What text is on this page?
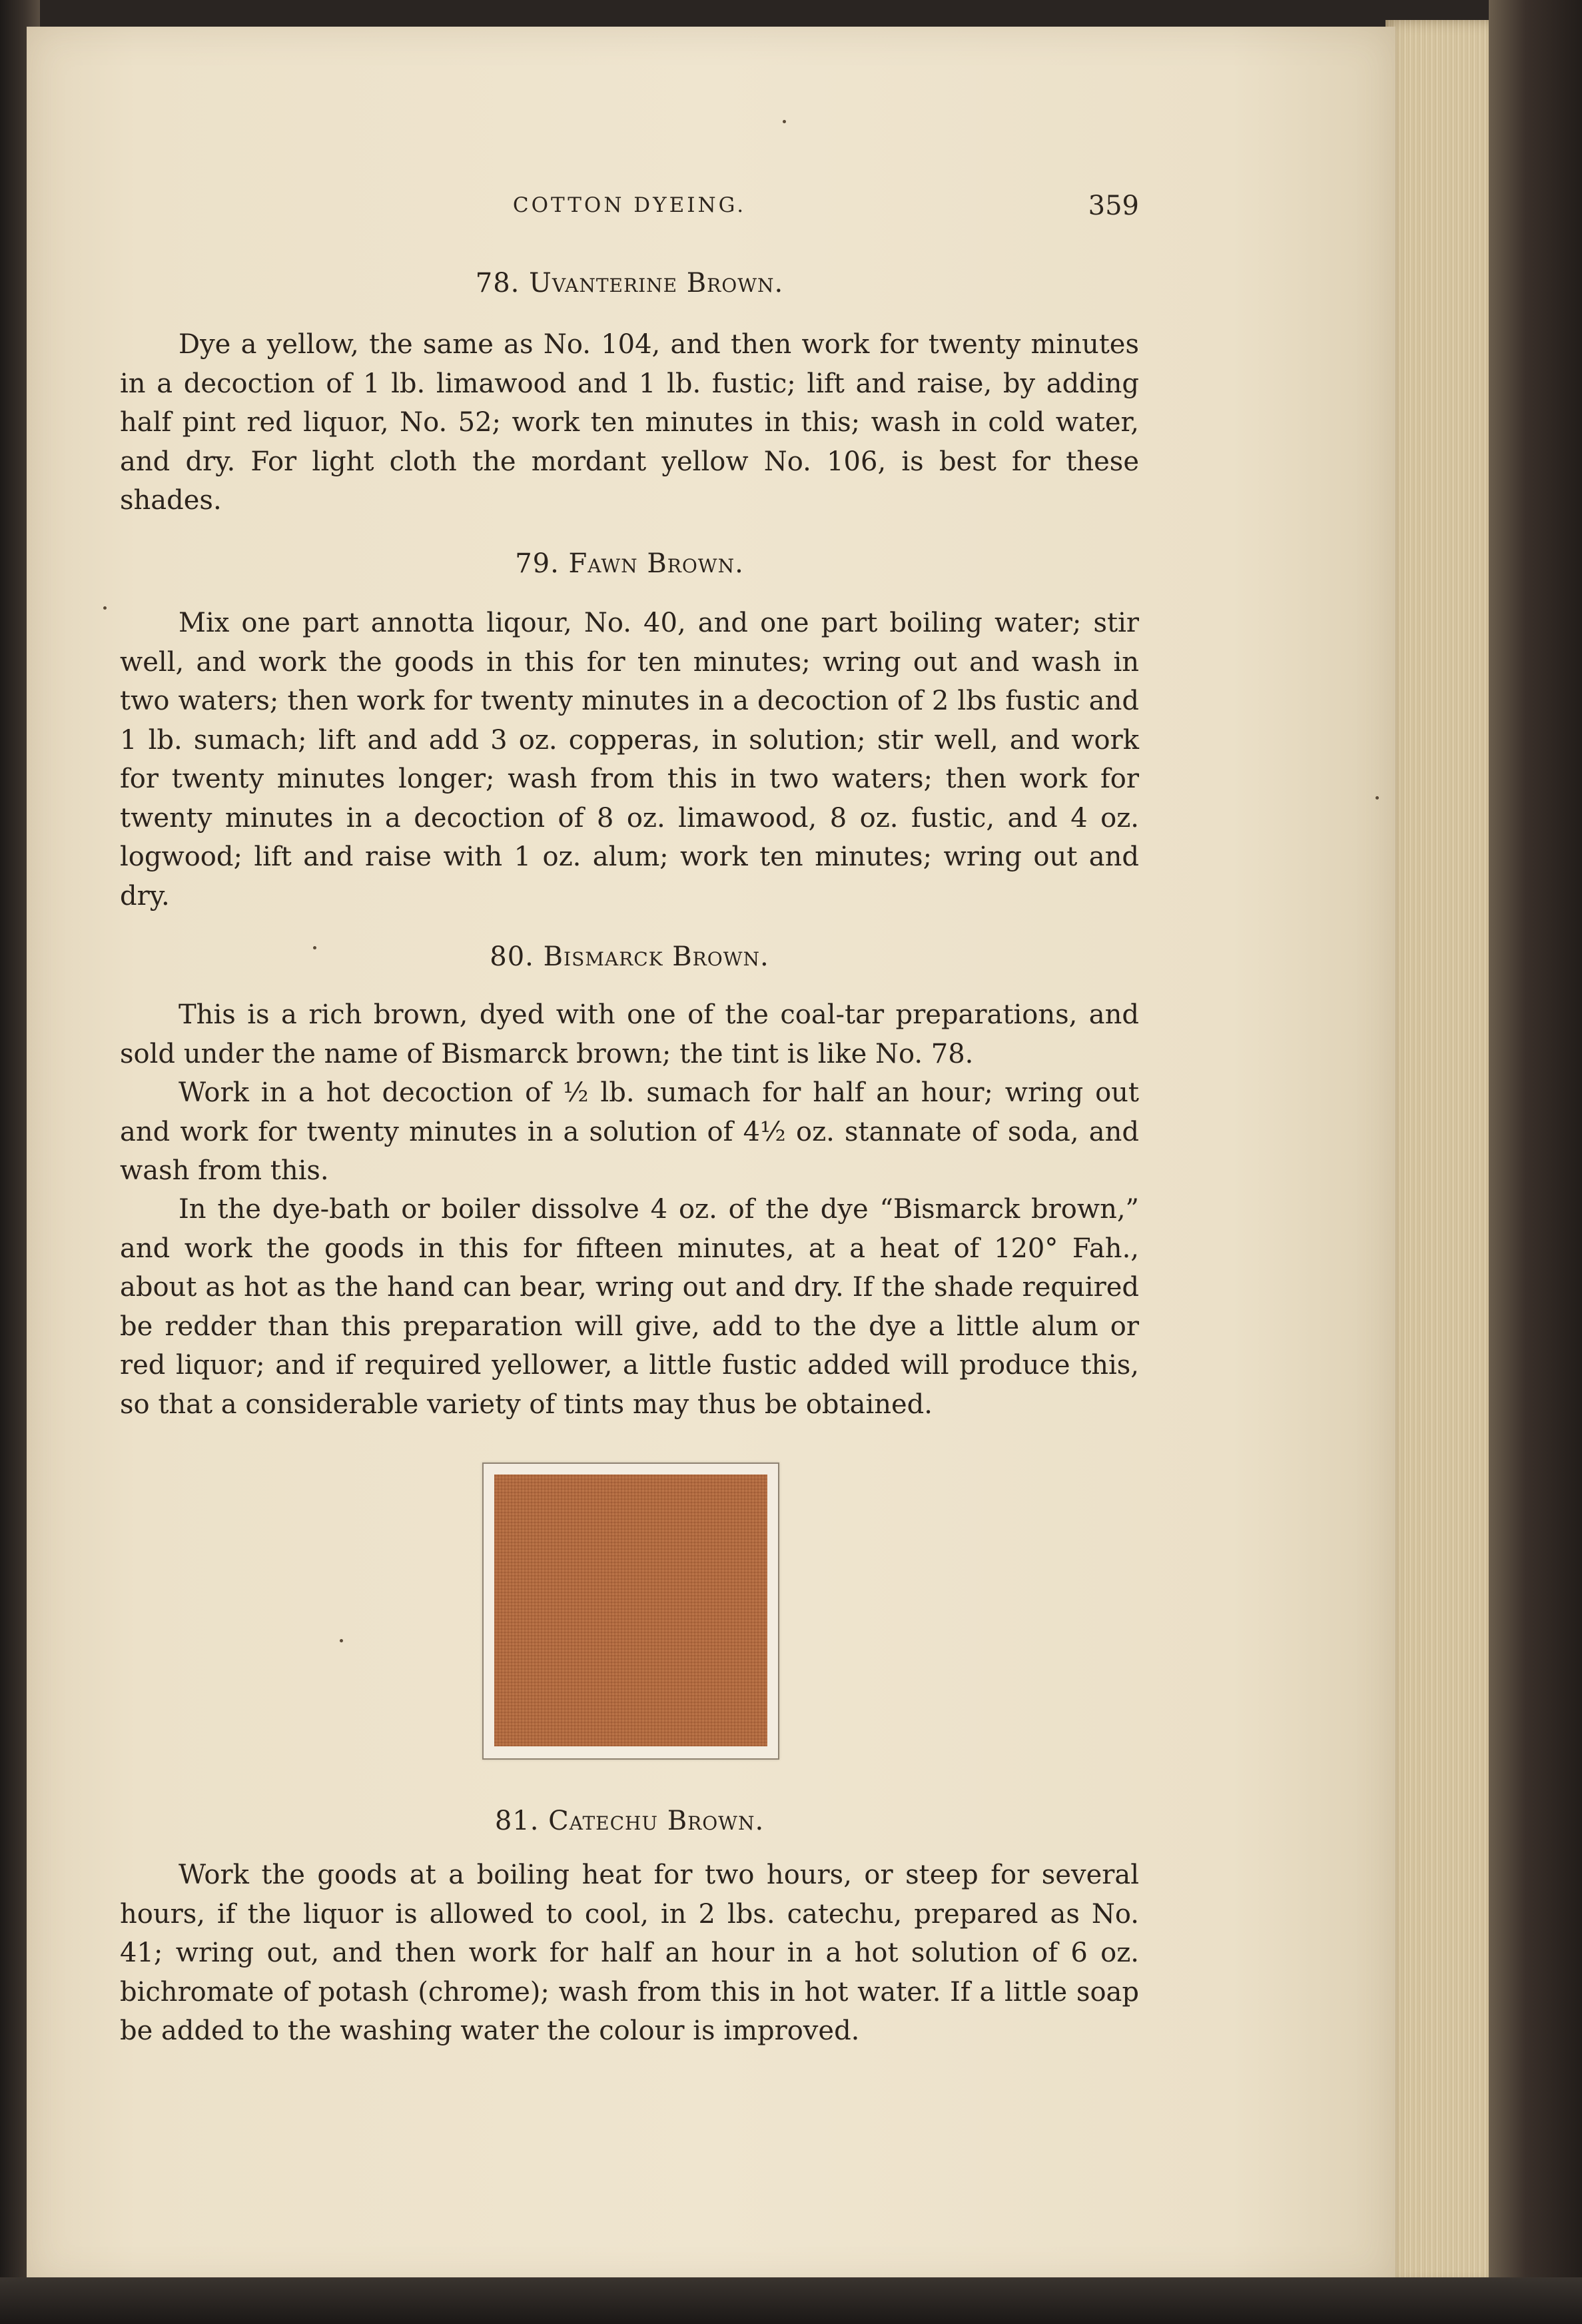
COTTON DYEING.	359
78. Uvanterine Brown.

Dye a yellow, the same as No. 104, and then work for twenty minutes in a decoction of 1 lb. limawood and 1 lb. fustic; lift and raise, by adding half pint red liquor, No. 52; work ten minutes in this; wash in cold water, and dry. For light cloth the mordant yellow No. 106, is best for these shades.

79. Fawn Brown.

Mix one part annotta liqour, No. 40, and one part boiling water; stir well, and work the goods in this for ten minutes; wring out and wash in two waters; then work for twenty minutes in a decoction of 2 lbs fustic and 1 lb. sumach; lift and add 3 oz. copperas, in solution; stir well, and work for twenty minutes longer; wash from this in two waters; then work for twenty minutes in a decoction of 8 oz. limawood, 8 oz. fustic, and 4 oz. logwood; lift and raise with 1 oz. alum; work ten minutes; wring out and dry.

80. Bismarck Brown.

This is a rich brown, dyed with one of the coal-tar preparations, and sold under the name of Bismarck brown; the tint is like No. 78.

Work in a hot decoction of ½ lb. sumach for half an hour; wring out and work for twenty minutes in a solution of 4½ oz. stannate of soda, and wash from this.

In the dye-bath or boiler dissolve 4 oz. of the dye “Bismarck brown,” and work the goods in this for fifteen minutes, at a heat of 120° Fah., about as hot as the hand can bear, wring out and dry. If the shade required be redder than this preparation will give, add to the dye a little alum or red liquor; and if required yellower, a little fustic added will produce this, so that a considerable variety of tints may thus be obtained.

81. Catechu Brown.

Work the goods at a boiling heat for two hours, or steep for several hours, if the liquor is allowed to cool, in 2 lbs. catechu, prepared as No. 41; wring out, and then work for half an hour in a hot solution of 6 oz. bichromate of potash (chrome); wash from this in hot water. If a little soap be added to the washing water the colour is improved.
